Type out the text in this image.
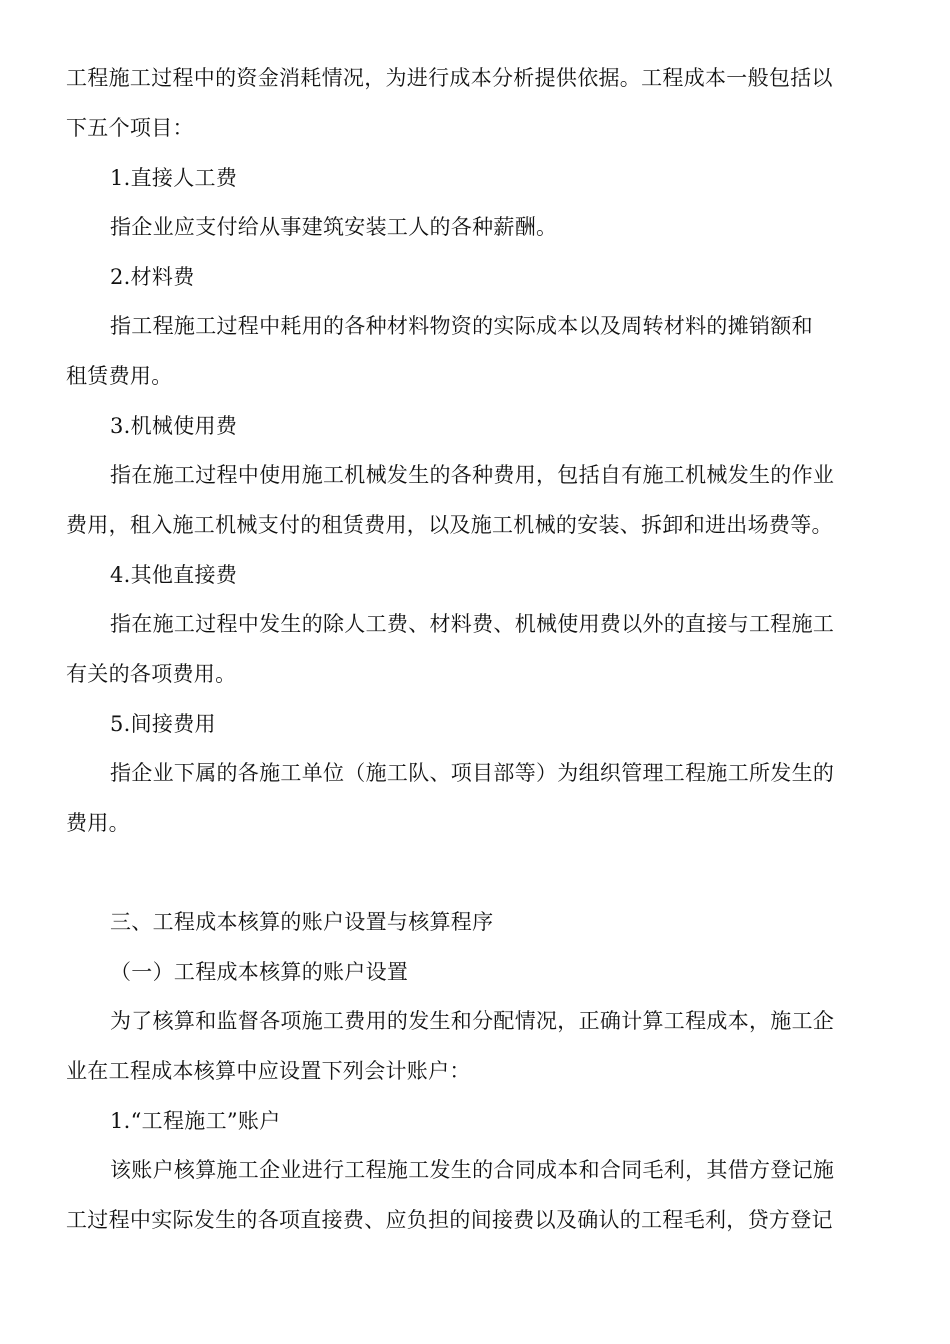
工程施工过程中的资金消耗情况，为进行成本分析提供依据。工程成本一般包括以
下五个项目：
1.直接人工费
指企业应支付给从事建筑安装工人的各种薪酬。
2.材料费
指工程施工过程中耗用的各种材料物资的实际成本以及周转材料的摊销额和
租赁费用。
3.机械使用费
指在施工过程中使用施工机械发生的各种费用，包括自有施工机械发生的作业
费用，租入施工机械支付的租赁费用，以及施工机械的安装、拆卸和进出场费等。
4.其他直接费
指在施工过程中发生的除人工费、材料费、机械使用费以外的直接与工程施工
有关的各项费用。
5.间接费用
指企业下属的各施工单位（施工队、项目部等）为组织管理工程施工所发生的
费用。
三、工程成本核算的账户设置与核算程序
（一）工程成本核算的账户设置
为了核算和监督各项施工费用的发生和分配情况，正确计算工程成本，施工企
业在工程成本核算中应设置下列会计账户：
1.“工程施工”账户
该账户核算施工企业进行工程施工发生的合同成本和合同毛利，其借方登记施
工过程中实际发生的各项直接费、应负担的间接费以及确认的工程毛利，贷方登记
